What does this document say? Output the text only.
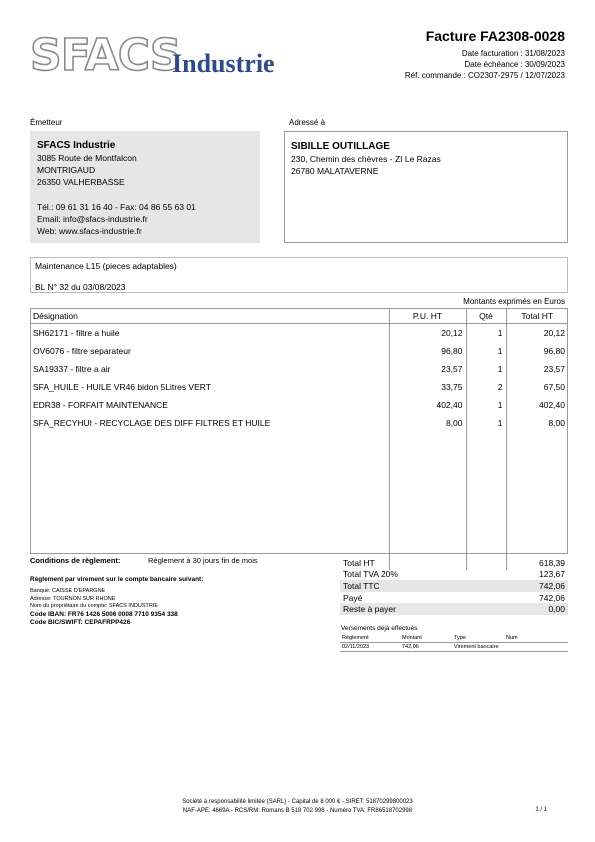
SFACS
Industrie
Facture FA2308-0028
Date facturation : 31/08/2023
Date échéance : 30/09/2023
Réf. commande : CO2307-2975 / 12/07/2023
Émetteur
SFACS Industrie
3085 Route de Montfalcon
MONTRIGAUD
26350 VALHERBASSE
Tél.: 09 61 31 16 40 - Fax: 04 86 55 63 01
Email: info@sfacs-industrie.fr
Web: www.sfacs-industrie.fr
Adressé à
SIBILLE OUTILLAGE
230, Chemin des chèvres - ZI Le Razas
26780 MALATAVERNE
Maintenance L15 (pieces adaptables)
BL N° 32 du 03/08/2023
Montants exprimés en Euros
Désignation	P.U. HT	Qté	Total HT
SH62171 - filtre a huile	20,12	1	20,12
OV6076 - filtre separateur	96,80	1	96,80
SA19337 - filtre a air	23,57	1	23,57
SFA_HUILE - HUILE VR46 bidon 5Litres VERT	33,75	2	67,50
EDR38 - FORFAIT MAINTENANCE	402,40	1	402,40
SFA_RECYHUI - RECYCLAGE DES DIFF FILTRES ET HUILE	8,00	1	8,00

Conditions de règlement:	Règlement à 30 jours fin de mois
Règlement par virement sur le compte bancaire suivant:
Banque: CAISSE D'EPARGNE
Adresse: TOURNON SUR RHONE
Nom du propriétaire du compte: SFACS INDUSTRIE
Code IBAN: FR76 1426 5006 0008 7710 9354 338
Code BIC/SWIFT: CEPAFRPP426
Total HT	618,39
Total TVA 20%	123,67
Total TTC	742,06
Payé	742,06
Reste à payer	0,00
Versements déjà effectués
Règlement	Montant	Type	Num
02/11/2023	742,06	Virement bancaire	
Société à responsabilité limitée (SARL) - Capital de 8 000 € - SIRET: 51870299800023
NAF-APE: 4669A - RCS/RM: Romans B 518 702 998 - Numéro TVA: FR86518702998	1 / 1
